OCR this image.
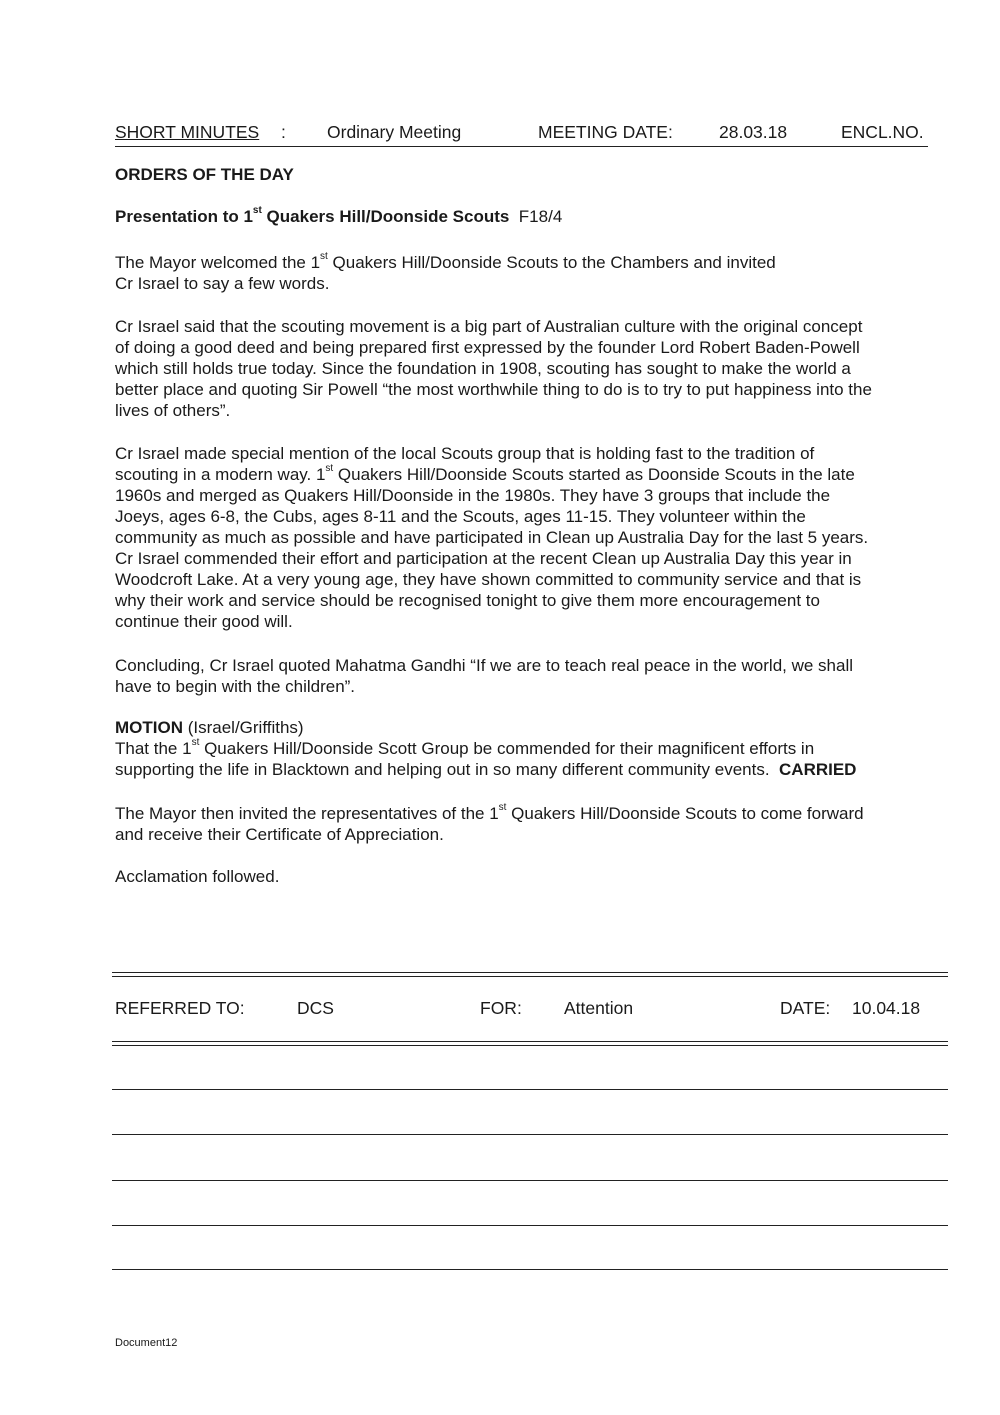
SHORT MINUTES : Ordinary Meeting	MEETING DATE:	28.03.18	ENCL.NO.
ORDERS OF THE DAY
Presentation to 1st Quakers Hill/Doonside Scouts F18/4
The Mayor welcomed the 1st Quakers Hill/Doonside Scouts to the Chambers and invited
Cr Israel to say a few words.
Cr Israel said that the scouting movement is a big part of Australian culture with the original concept
of doing a good deed and being prepared first expressed by the founder Lord Robert Baden-Powell
which still holds true today. Since the foundation in 1908, scouting has sought to make the world a
better place and quoting Sir Powell “the most worthwhile thing to do is to try to put happiness into the
lives of others”.
Cr Israel made special mention of the local Scouts group that is holding fast to the tradition of
scouting in a modern way. 1st Quakers Hill/Doonside Scouts started as Doonside Scouts in the late
1960s and merged as Quakers Hill/Doonside in the 1980s. They have 3 groups that include the
Joeys, ages 6-8, the Cubs, ages 8-11 and the Scouts, ages 11-15. They volunteer within the
community as much as possible and have participated in Clean up Australia Day for the last 5 years.
Cr Israel commended their effort and participation at the recent Clean up Australia Day this year in
Woodcroft Lake. At a very young age, they have shown committed to community service and that is
why their work and service should be recognised tonight to give them more encouragement to
continue their good will.
Concluding, Cr Israel quoted Mahatma Gandhi “If we are to teach real peace in the world, we shall
have to begin with the children”.
MOTION (Israel/Griffiths)
That the 1st Quakers Hill/Doonside Scott Group be commended for their magnificent efforts in
supporting the life in Blacktown and helping out in so many different community events.  CARRIED
The Mayor then invited the representatives of the 1st Quakers Hill/Doonside Scouts to come forward
and receive their Certificate of Appreciation.
Acclamation followed.
REFERRED TO:	DCS	FOR: Attention	DATE: 10.04.18
Document12
